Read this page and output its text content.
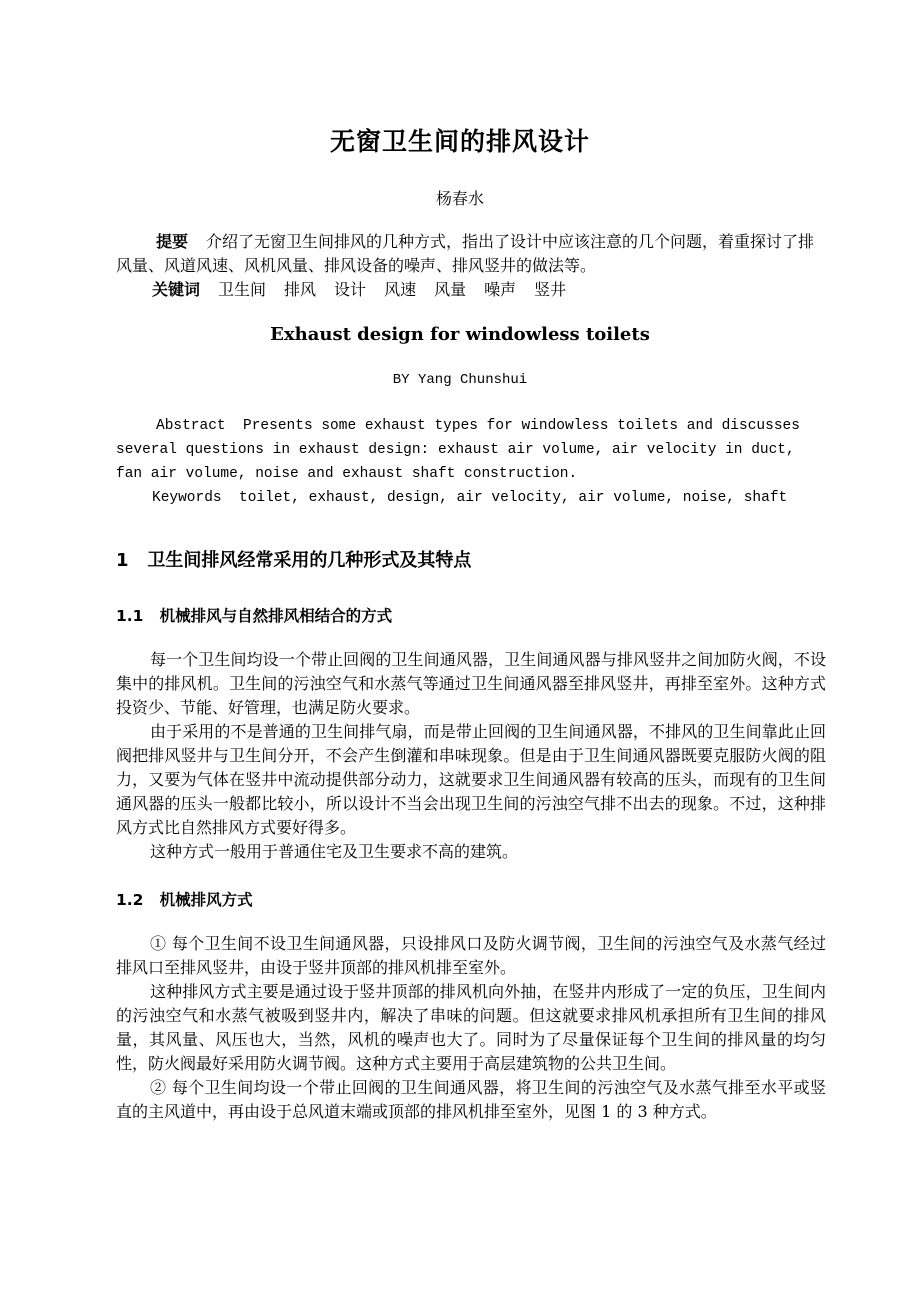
无窗卫生间的排风设计
杨春水
提要 介绍了无窗卫生间排风的几种方式，指出了设计中应该注意的几个问题，着重探讨了排风量、风道风速、风机风量、排风设备的噪声、排风竖井的做法等。
关键词 卫生间 排风 设计 风速 风量 噪声 竖井
Exhaust design for windowless toilets
BY Yang Chunshui
Abstract Presents some exhaust types for windowless toilets and discusses several questions in exhaust design: exhaust air volume, air velocity in duct, fan air volume, noise and exhaust shaft construction.
Keywords toilet, exhaust, design, air velocity, air volume, noise, shaft
1   卫生间排风经常采用的几种形式及其特点
1.1   机械排风与自然排风相结合的方式

每一个卫生间均设一个带止回阀的卫生间通风器，卫生间通风器与排风竖井之间加防火阀，不设集中的排风机。卫生间的污浊空气和水蒸气等通过卫生间通风器至排风竖井，再排至室外。这种方式投资少、节能、好管理，也满足防火要求。

由于采用的不是普通的卫生间排气扇，而是带止回阀的卫生间通风器，不排风的卫生间靠此止回阀把排风竖井与卫生间分开，不会产生倒灌和串味现象。但是由于卫生间通风器既要克服防火阀的阻力，又要为气体在竖井中流动提供部分动力，这就要求卫生间通风器有较高的压头，而现有的卫生间通风器的压头一般都比较小，所以设计不当会出现卫生间的污浊空气排不出去的现象。不过，这种排风方式比自然排风方式要好得多。

这种方式一般用于普通住宅及卫生要求不高的建筑。

1.2   机械排风方式

① 每个卫生间不设卫生间通风器，只设排风口及防火调节阀，卫生间的污浊空气及水蒸气经过排风口至排风竖井，由设于竖井顶部的排风机排至室外。

这种排风方式主要是通过设于竖井顶部的排风机向外抽，在竖井内形成了一定的负压，卫生间内的污浊空气和水蒸气被吸到竖井内，解决了串味的问题。但这就要求排风机承担所有卫生间的排风量，其风量、风压也大，当然，风机的噪声也大了。同时为了尽量保证每个卫生间的排风量的均匀性，防火阀最好采用防火调节阀。这种方式主要用于高层建筑物的公共卫生间。

② 每个卫生间均设一个带止回阀的卫生间通风器，将卫生间的污浊空气及水蒸气排至水平或竖直的主风道中，再由设于总风道末端或顶部的排风机排至室外，见图 1 的 3 种方式。
